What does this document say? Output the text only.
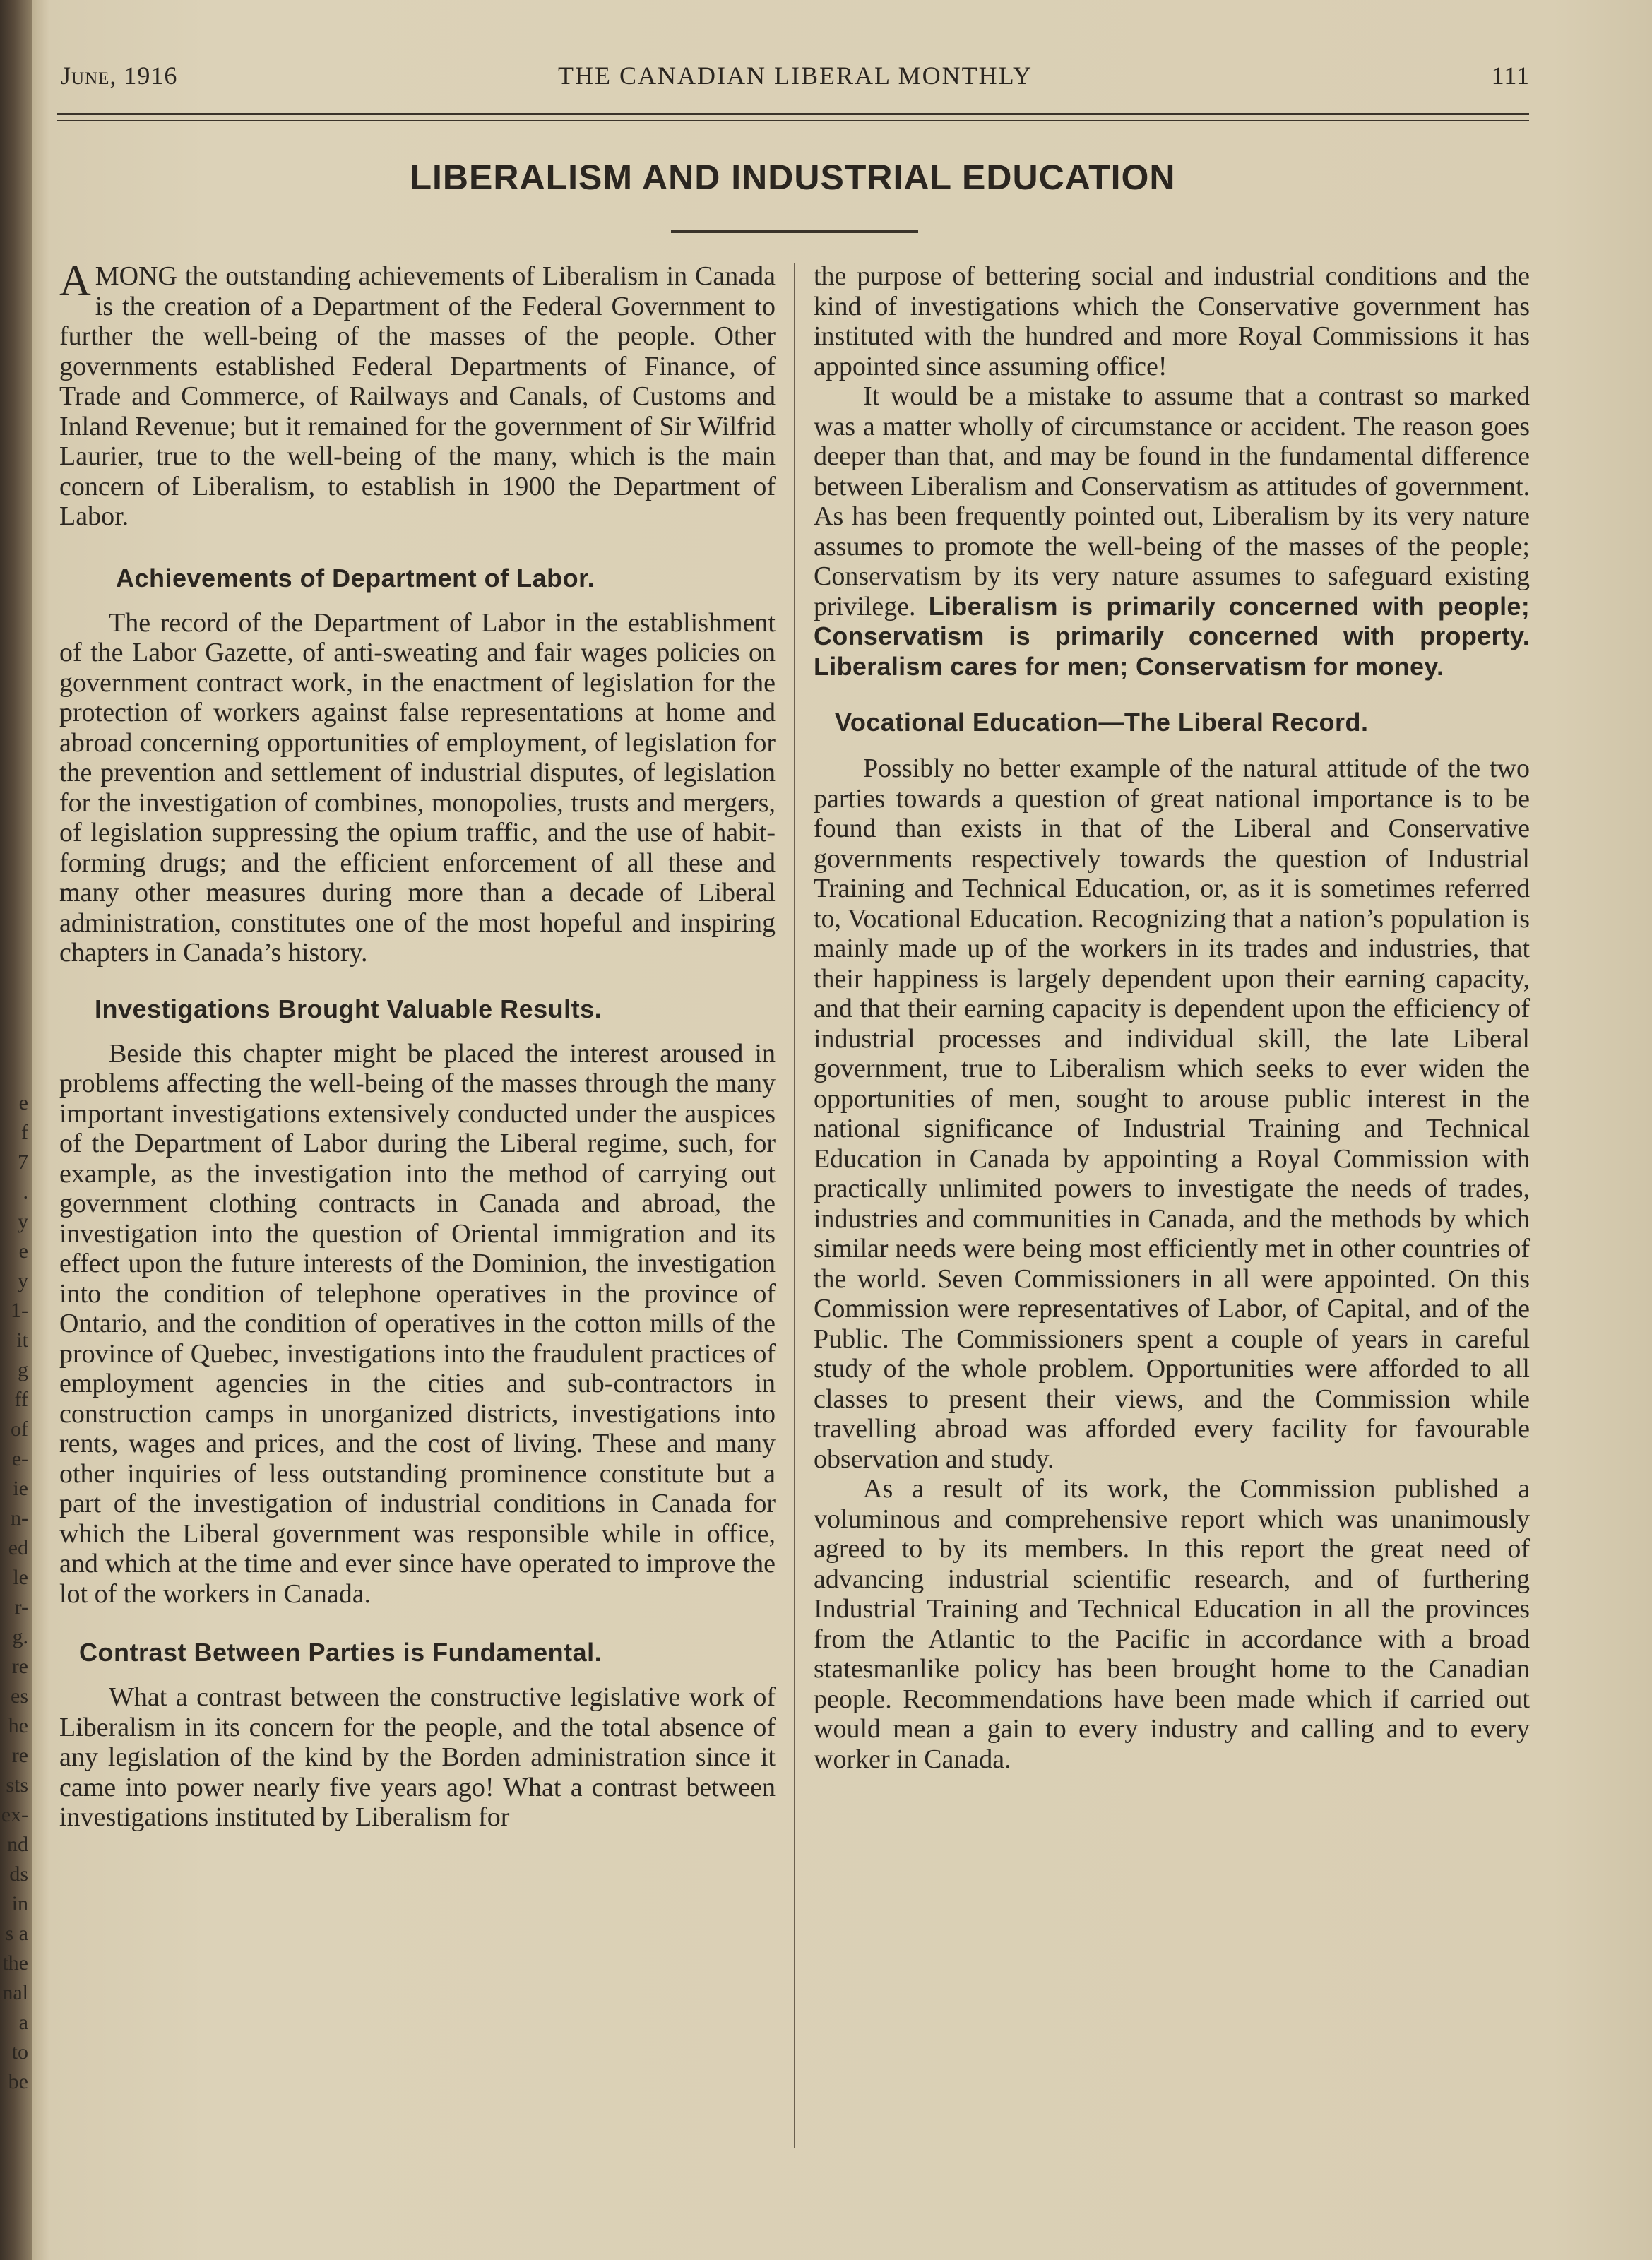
e
f
7
.
y
e
y
1-
it
g
ff
of
e-
ie
n-
ed
le
r-
g.
re
es
he
re
sts
ex-
nd
ds
in
s a
the
nal
a
to
be
June, 1916	THE CANADIAN LIBERAL MONTHLY	111
LIBERALISM AND INDUSTRIAL EDUCATION

AMONG the outstanding achievements of Liberalism in Canada is the creation of a Department of the Federal Government to further the well-being of the masses of the people. Other governments established Federal Departments of Finance, of Trade and Commerce, of Railways and Canals, of Customs and Inland Revenue; but it remained for the government of Sir Wilfrid Laurier, true to the well-being of the many, which is the main concern of Liberalism, to establish in 1900 the Department of Labor.

Achievements of Department of Labor.

The record of the Department of Labor in the establishment of the Labor Gazette, of anti-sweating and fair wages policies on government contract work, in the enactment of legislation for the protection of workers against false representations at home and abroad concerning opportunities of employment, of legislation for the prevention and settlement of industrial disputes, of legislation for the investigation of combines, monopolies, trusts and mergers, of legislation suppressing the opium traffic, and the use of habit-forming drugs; and the efficient enforcement of all these and many other measures during more than a decade of Liberal administration, constitutes one of the most hopeful and inspiring chapters in Canada’s history.

Investigations Brought Valuable Results.

Beside this chapter might be placed the interest aroused in problems affecting the well-being of the masses through the many important investigations extensively conducted under the auspices of the Department of Labor during the Liberal regime, such, for example, as the investigation into the method of carrying out government clothing contracts in Canada and abroad, the investigation into the question of Oriental immigration and its effect upon the future interests of the Dominion, the investigation into the condition of telephone operatives in the province of Ontario, and the condition of operatives in the cotton mills of the province of Quebec, investigations into the fraudulent practices of employment agencies in the cities and sub-contractors in construction camps in unorganized districts, investigations into rents, wages and prices, and the cost of living. These and many other inquiries of less outstanding prominence constitute but a part of the investigation of industrial conditions in Canada for which the Liberal government was responsible while in office, and which at the time and ever since have operated to improve the lot of the workers in Canada.

Contrast Between Parties is Fundamental.

What a contrast between the constructive legislative work of Liberalism in its concern for the people, and the total absence of any legislation of the kind by the Borden administration since it came into power nearly five years ago! What a contrast between investigations instituted by Liberalism for

the purpose of bettering social and industrial conditions and the kind of investigations which the Conservative government has instituted with the hundred and more Royal Commissions it has appointed since assuming office!

It would be a mistake to assume that a contrast so marked was a matter wholly of circumstance or accident. The reason goes deeper than that, and may be found in the fundamental difference between Liberalism and Conservatism as attitudes of government. As has been frequently pointed out, Liberalism by its very nature assumes to promote the well-being of the masses of the people; Conservatism by its very nature assumes to safeguard existing privilege. Liberalism is primarily concerned with people; Conservatism is primarily concerned with property. Liberalism cares for men; Conservatism for money.

Vocational Education—The Liberal Record.

Possibly no better example of the natural attitude of the two parties towards a question of great national importance is to be found than exists in that of the Liberal and Conservative governments respectively towards the question of Industrial Training and Technical Education, or, as it is sometimes referred to, Vocational Education. Recognizing that a nation’s population is mainly made up of the workers in its trades and industries, that their happiness is largely dependent upon their earning capacity, and that their earning capacity is dependent upon the efficiency of industrial processes and individual skill, the late Liberal government, true to Liberalism which seeks to ever widen the opportunities of men, sought to arouse public interest in the national significance of Industrial Training and Technical Education in Canada by appointing a Royal Commission with practically unlimited powers to investigate the needs of trades, industries and communities in Canada, and the methods by which similar needs were being most efficiently met in other countries of the world. Seven Commissioners in all were appointed. On this Commission were representatives of Labor, of Capital, and of the Public. The Commissioners spent a couple of years in careful study of the whole problem. Opportunities were afforded to all classes to present their views, and the Commission while travelling abroad was afforded every facility for favourable observation and study.

As a result of its work, the Commission published a voluminous and comprehensive report which was unanimously agreed to by its members. In this report the great need of advancing industrial scientific research, and of furthering Industrial Training and Technical Education in all the provinces from the Atlantic to the Pacific in accordance with a broad statesmanlike policy has been brought home to the Canadian people. Recommendations have been made which if carried out would mean a gain to every industry and calling and to every worker in Canada.
